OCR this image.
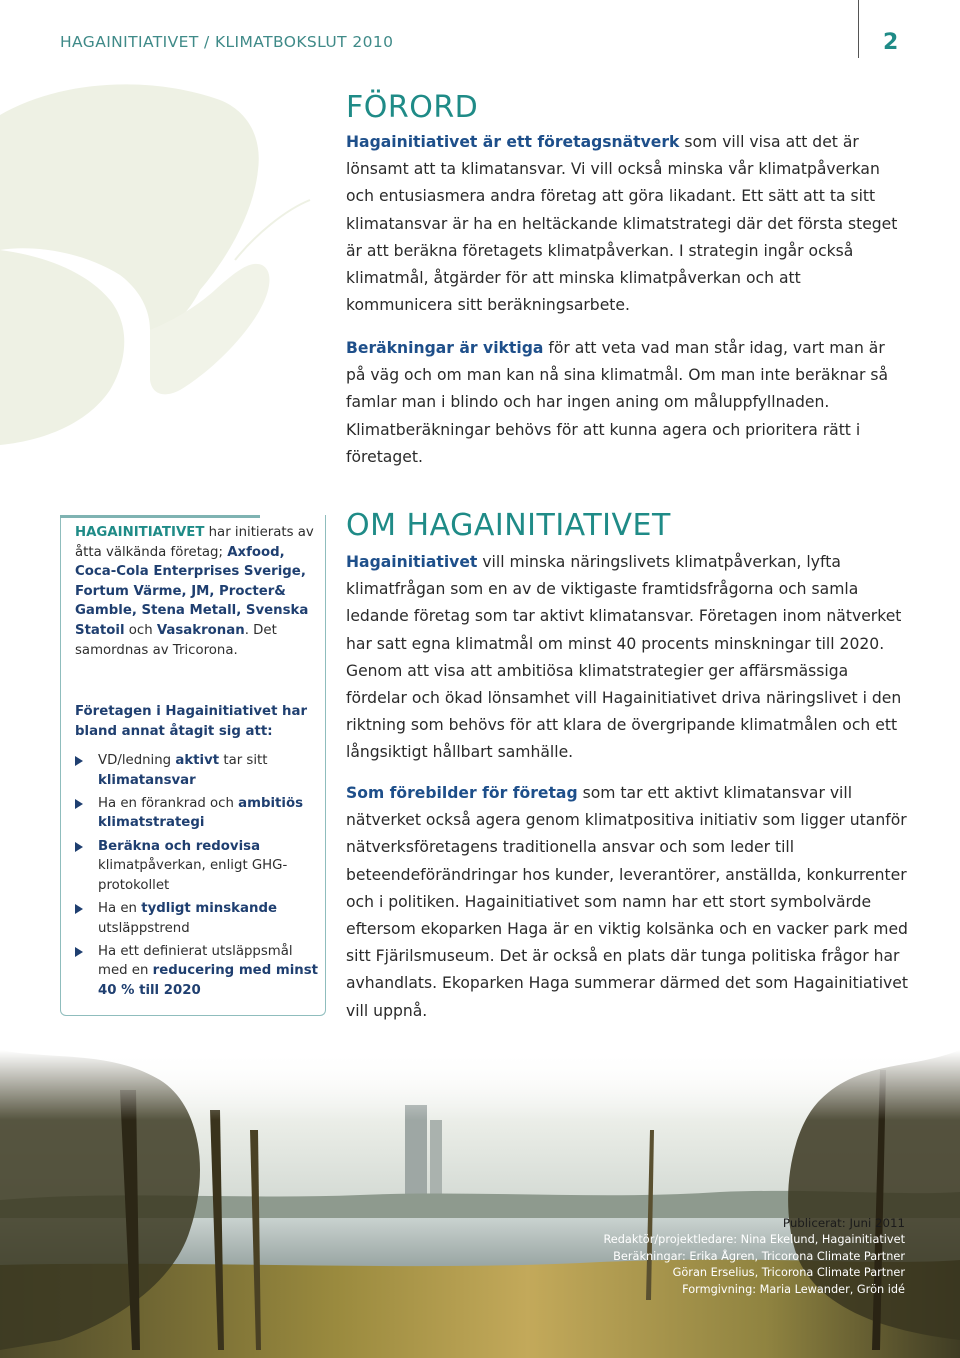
HAGAINITIATIVET / KLIMATBOKSLUT 2010	2
FÖRORD

Hagainitiativet är ett företagsnätverk som vill visa att det är lönsamt att ta klimatansvar. Vi vill också minska vår klimatpåverkan och entusiasmera andra företag att göra likadant. Ett sätt att ta sitt klimatansvar är ha en heltäckande klimatstrategi där det första steget är att beräkna företagets klimatpåverkan. I strategin ingår också klimatmål, åtgärder för att minska klimatpåverkan och att kommunicera sitt beräkningsarbete.

Beräkningar är viktiga för att veta vad man står idag, vart man är på väg och om man kan nå sina klimatmål. Om man inte beräknar så famlar man i blindo och har ingen aning om måluppfyllnaden. Klimatberäkningar behövs för att kunna agera och prioritera rätt i företaget.

OM HAGAINITIATIVET

Hagainitiativet vill minska näringslivets klimatpåverkan, lyfta klimatfrågan som en av de viktigaste framtidsfrågorna och samla ledande företag som tar aktivt klimatansvar. Företagen inom nätverket har satt egna klimatmål om minst 40 procents minskningar till 2020. Genom att visa att ambitiösa klimatstrategier ger affärsmässiga fördelar och ökad lönsamhet vill Hagainitiativet driva näringslivet i den riktning som behövs för att klara de övergripande klimatmålen och ett långsiktigt hållbart samhälle.

Som förebilder för företag som tar ett aktivt klimatansvar vill nätverket också agera genom klimatpositiva initiativ som ligger utanför nätverksföretagens traditionella ansvar och som leder till beteendeförändringar hos kunder, leverantörer, anställda, konkurrenter och i politiken. Hagainitiativet som namn har ett stort symbolvärde eftersom ekoparken Haga är en viktig kolsänka och en vacker park med sitt Fjärilsmuseum. Det är också en plats där tunga politiska frågor har avhandlats. Ekoparken Haga summerar därmed det som Hagainitiativet vill uppnå.

HAGAINITIATIVET har initierats av åtta välkända företag; Axfood, Coca-Cola Enterprises Sverige, Fortum Värme, JM, Procter& Gamble, Stena Metall, Svenska Statoil och Vasakronan. Det samordnas av Tricorona.

Företagen i Hagainitiativet har bland annat åtagit sig att:

VD/ledning aktivt tar sitt klimatansvar
Ha en förankrad och ambitiös klimatstrategi
Beräkna och redovisa klimatpåverkan, enligt GHG-protokollet
Ha en tydligt minskande utsläppstrend
Ha ett definierat utsläppsmål med en reducering med minst 40 % till 2020
Publicerat: Juni 2011
Redaktör/projektledare: Nina Ekelund, Hagainitiativet
Beräkningar: Erika Ågren, Tricorona Climate Partner
Göran Erselius, Tricorona Climate Partner
Formgivning: Maria Lewander, Grön idé
